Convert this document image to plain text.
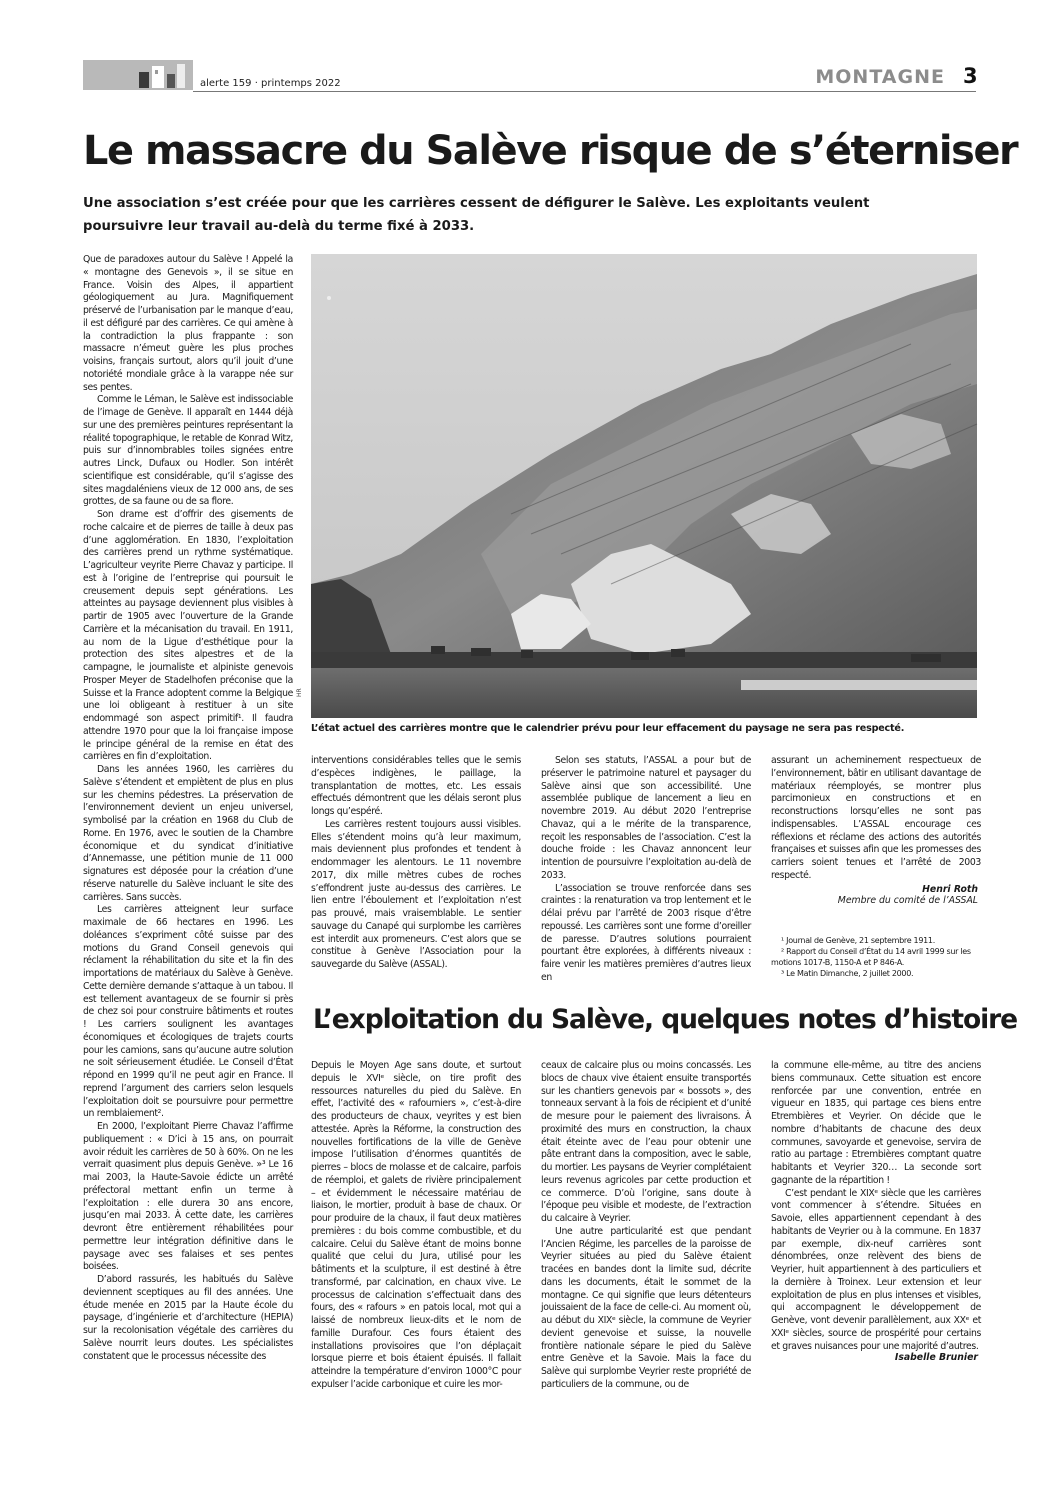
alerte 159 · printemps 2022	MONTAGNE 3
Le massacre du Salève risque de s’éterniser
Une association s’est créée pour que les carrières cessent de défigurer le Salève. Les exploitants veulent poursuivre leur travail au-delà du terme fixé à 2033.

Que de paradoxes autour du Salève ! Appelé la « montagne des Genevois », il se situe en France. Voisin des Alpes, il appartient géologiquement au Jura. Magnifiquement préservé de l’urbanisation par le manque d’eau, il est défiguré par des carrières. Ce qui amène à la contradiction la plus frappante : son massacre n’émeut guère les plus proches voisins, français surtout, alors qu’il jouit d’une notoriété mondiale grâce à la varappe née sur ses pentes.

Comme le Léman, le Salève est indissociable de l’image de Genève. Il apparaît en 1444 déjà sur une des premières peintures représentant la réalité topographique, le retable de Konrad Witz, puis sur d’innombrables toiles signées entre autres Linck, Dufaux ou Hodler. Son intérêt scientifique est considérable, qu’il s’agisse des sites magdaléniens vieux de 12 000 ans, de ses grottes, de sa faune ou de sa flore.

Son drame est d’offrir des gisements de roche calcaire et de pierres de taille à deux pas d’une agglomération. En 1830, l’exploitation des carrières prend un rythme systématique. L’agriculteur veyrite Pierre Chavaz y participe. Il est à l’origine de l’entreprise qui poursuit le creusement depuis sept générations. Les atteintes au paysage deviennent plus visibles à partir de 1905 avec l’ouverture de la Grande Carrière et la mécanisation du travail. En 1911, au nom de la Ligue d’esthétique pour la protection des sites alpestres et de la campagne, le journaliste et alpiniste genevois Prosper Meyer de Stadelhofen préconise que la Suisse et la France adoptent comme la Belgique une loi obligeant à restituer à un site endommagé son aspect primitif¹. Il faudra attendre 1970 pour que la loi française impose le principe général de la remise en état des carrières en fin d’exploitation.

Dans les années 1960, les carrières du Salève s’étendent et empiètent de plus en plus sur les chemins pédestres. La préservation de l’environnement devient un enjeu universel, symbolisé par la création en 1968 du Club de Rome. En 1976, avec le soutien de la Chambre économique et du syndicat d’initiative d’Annemasse, une pétition munie de 11 000 signatures est déposée pour la création d’une réserve naturelle du Salève incluant le site des carrières. Sans succès.

Les carrières atteignent leur surface maximale de 66 hectares en 1996. Les doléances s’expriment côté suisse par des motions du Grand Conseil genevois qui réclament la réhabilitation du site et la fin des importations de matériaux du Salève à Genève. Cette dernière demande s’attaque à un tabou. Il est tellement avantageux de se fournir si près de chez soi pour construire bâtiments et routes ! Les carriers soulignent les avantages économiques et écologiques de trajets courts pour les camions, sans qu’aucune autre solution ne soit sérieusement étudiée. Le Conseil d’État répond en 1999 qu’il ne peut agir en France. Il reprend l’argument des carriers selon lesquels l’exploitation doit se poursuivre pour permettre un remblaiement².

En 2000, l’exploitant Pierre Chavaz l’affirme publiquement : « D’ici à 15 ans, on pourrait avoir réduit les carrières de 50 à 60%. On ne les verrait quasiment plus depuis Genève. »³ Le 16 mai 2003, la Haute-Savoie édicte un arrêté préfectoral mettant enfin un terme à l’exploitation : elle durera 30 ans encore, jusqu’en mai 2033. À cette date, les carrières devront être entièrement réhabilitées pour permettre leur intégration définitive dans le paysage avec ses falaises et ses pentes boisées.

D’abord rassurés, les habitués du Salève deviennent sceptiques au fil des années. Une étude menée en 2015 par la Haute école du paysage, d’ingénierie et d’architecture (HEPIA) sur la recolonisation végétale des carrières du Salève nourrit leurs doutes. Les spécialistes constatent que le processus nécessite des

HR
L’état actuel des carrières montre que le calendrier prévu pour leur effacement du paysage ne sera pas respecté.

interventions considérables telles que le semis d’espèces indigènes, le paillage, la transplantation de mottes, etc. Les essais effectués démontrent que les délais seront plus longs qu’espéré.

Les carrières restent toujours aussi visibles. Elles s’étendent moins qu’à leur maximum, mais deviennent plus profondes et tendent à endommager les alentours. Le 11 novembre 2017, dix mille mètres cubes de roches s’effondrent juste au-dessus des carrières. Le lien entre l’éboulement et l’exploitation n’est pas prouvé, mais vraisemblable. Le sentier sauvage du Canapé qui surplombe les carrières est interdit aux promeneurs. C’est alors que se constitue à Genève l’Association pour la sauvegarde du Salève (ASSAL).

Selon ses statuts, l’ASSAL a pour but de préserver le patrimoine naturel et paysager du Salève ainsi que son accessibilité. Une assemblée publique de lancement a lieu en novembre 2019. Au début 2020 l’entreprise Chavaz, qui a le mérite de la transparence, reçoit les responsables de l’association. C’est la douche froide : les Chavaz annoncent leur intention de poursuivre l’exploitation au-delà de 2033.

L’association se trouve renforcée dans ses craintes : la renaturation va trop lentement et le délai prévu par l’arrêté de 2003 risque d’être repoussé. Les carrières sont une forme d’oreiller de paresse. D’autres solutions pourraient pourtant être explorées, à différents niveaux : faire venir les matières premières d’autres lieux en

assurant un acheminement respectueux de l’environnement, bâtir en utilisant davantage de matériaux réemployés, se montrer plus parcimonieux en constructions et en reconstructions lorsqu’elles ne sont pas indispensables. L’ASSAL encourage ces réflexions et réclame des actions des autorités françaises et suisses afin que les promesses des carriers soient tenues et l’arrêté de 2003 respecté.

Henri Roth
Membre du comité de l’ASSAL
¹ Journal de Genève, 21 septembre 1911.
² Rapport du Conseil d’État du 14 avril 1999 sur les motions 1017-B, 1150-A et P 846-A.
³ Le Matin Dimanche, 2 juillet 2000.
L’exploitation du Salève, quelques notes d’histoire

Depuis le Moyen Age sans doute, et surtout depuis le XVIᵉ siècle, on tire profit des ressources naturelles du pied du Salève. En effet, l’activité des « rafourniers », c’est-à-dire des producteurs de chaux, veyrites y est bien attestée. Après la Réforme, la construction des nouvelles fortifications de la ville de Genève impose l’utilisation d’énormes quantités de pierres – blocs de molasse et de calcaire, parfois de réemploi, et galets de rivière principalement – et évidemment le nécessaire matériau de liaison, le mortier, produit à base de chaux. Or pour produire de la chaux, il faut deux matières premières : du bois comme combustible, et du calcaire. Celui du Salève étant de moins bonne qualité que celui du Jura, utilisé pour les bâtiments et la sculpture, il est destiné à être transformé, par calcination, en chaux vive. Le processus de calcination s’effectuait dans des fours, des « rafours » en patois local, mot qui a laissé de nombreux lieux-dits et le nom de famille Durafour. Ces fours étaient des installations provisoires que l’on déplaçait lorsque pierre et bois étaient épuisés. Il fallait atteindre la température d’environ 1000°C pour expulser l’acide carbonique et cuire les mor-

ceaux de calcaire plus ou moins concassés. Les blocs de chaux vive étaient ensuite transportés sur les chantiers genevois par « bossots », des tonneaux servant à la fois de récipient et d’unité de mesure pour le paiement des livraisons. À proximité des murs en construction, la chaux était éteinte avec de l’eau pour obtenir une pâte entrant dans la composition, avec le sable, du mortier. Les paysans de Veyrier complétaient leurs revenus agricoles par cette production et ce commerce. D’où l’origine, sans doute à l’époque peu visible et modeste, de l’extraction du calcaire à Veyrier.

Une autre particularité est que pendant l’Ancien Régime, les parcelles de la paroisse de Veyrier situées au pied du Salève étaient tracées en bandes dont la limite sud, décrite dans les documents, était le sommet de la montagne. Ce qui signifie que leurs détenteurs jouissaient de la face de celle-ci. Au moment où, au début du XIXᵉ siècle, la commune de Veyrier devient genevoise et suisse, la nouvelle frontière nationale sépare le pied du Salève entre Genève et la Savoie. Mais la face du Salève qui surplombe Veyrier reste propriété de particuliers de la commune, ou de

la commune elle-même, au titre des anciens biens communaux. Cette situation est encore renforcée par une convention, entrée en vigueur en 1835, qui partage ces biens entre Etrembières et Veyrier. On décide que le nombre d’habitants de chacune des deux communes, savoyarde et genevoise, servira de ratio au partage : Etrembières comptant quatre habitants et Veyrier 320… La seconde sort gagnante de la répartition !

C’est pendant le XIXᵉ siècle que les carrières vont commencer à s’étendre. Situées en Savoie, elles appartiennent cependant à des habitants de Veyrier ou à la commune. En 1837 par exemple, dix-neuf carrières sont dénombrées, onze relèvent des biens de Veyrier, huit appartiennent à des particuliers et la dernière à Troinex. Leur extension et leur exploitation de plus en plus intenses et visibles, qui accompagnent le développement de Genève, vont devenir parallèlement, aux XXᵉ et XXIᵉ siècles, source de prospérité pour certains et graves nuisances pour une majorité d’autres.

Isabelle Brunier
